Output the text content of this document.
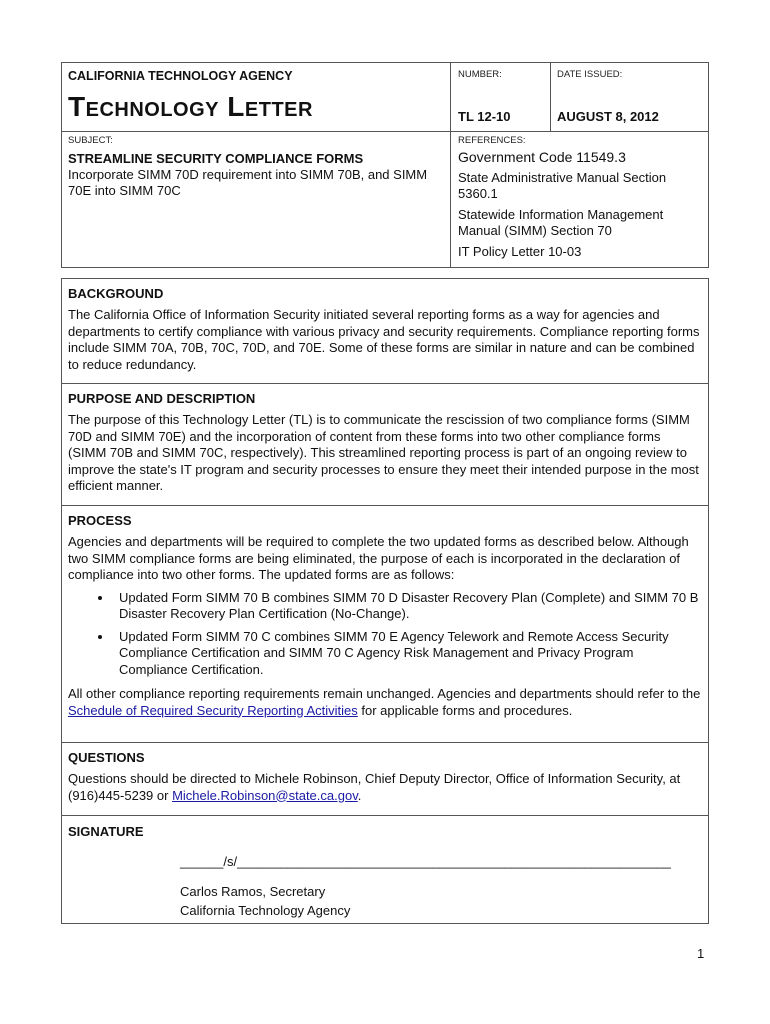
CALIFORNIA TECHNOLOGY AGENCY
Technology Letter
NUMBER:
TL 12-10
DATE ISSUED:
AUGUST 8, 2012
SUBJECT:
STREAMLINE SECURITY COMPLIANCE FORMS
Incorporate SIMM 70D requirement into SIMM 70B, and SIMM 70E into SIMM 70C
REFERENCES:
Government Code 11549.3
State Administrative Manual Section 5360.1
Statewide Information Management Manual (SIMM) Section 70
IT Policy Letter 10-03
BACKGROUND

The California Office of Information Security initiated several reporting forms as a way for agencies and departments to certify compliance with various privacy and security requirements. Compliance reporting forms include SIMM 70A, 70B, 70C, 70D, and 70E. Some of these forms are similar in nature and can be combined to reduce redundancy.

PURPOSE AND DESCRIPTION

The purpose of this Technology Letter (TL) is to communicate the rescission of two compliance forms (SIMM 70D and SIMM 70E) and the incorporation of content from these forms into two other compliance forms (SIMM 70B and SIMM 70C, respectively). This streamlined reporting process is part of an ongoing review to improve the state's IT program and security processes to ensure they meet their intended purpose in the most efficient manner.

PROCESS

Agencies and departments will be required to complete the two updated forms as described below. Although two SIMM compliance forms are being eliminated, the purpose of each is incorporated in the declaration of compliance into two other forms. The updated forms are as follows:

• Updated Form SIMM 70 B combines SIMM 70 D Disaster Recovery Plan (Complete) and SIMM 70 B Disaster Recovery Plan Certification (No-Change).
• Updated Form SIMM 70 C combines SIMM 70 E Agency Telework and Remote Access Security Compliance Certification and SIMM 70 C Agency Risk Management and Privacy Program Compliance Certification.

All other compliance reporting requirements remain unchanged. Agencies and departments should refer to the Schedule of Required Security Reporting Activities for applicable forms and procedures.

QUESTIONS

Questions should be directed to Michele Robinson, Chief Deputy Director, Office of Information Security, at (916)445-5239 or Michele.Robinson@state.ca.gov.

SIGNATURE
______/s/____________________________________________________________
Carlos Ramos, Secretary
California Technology Agency
1
